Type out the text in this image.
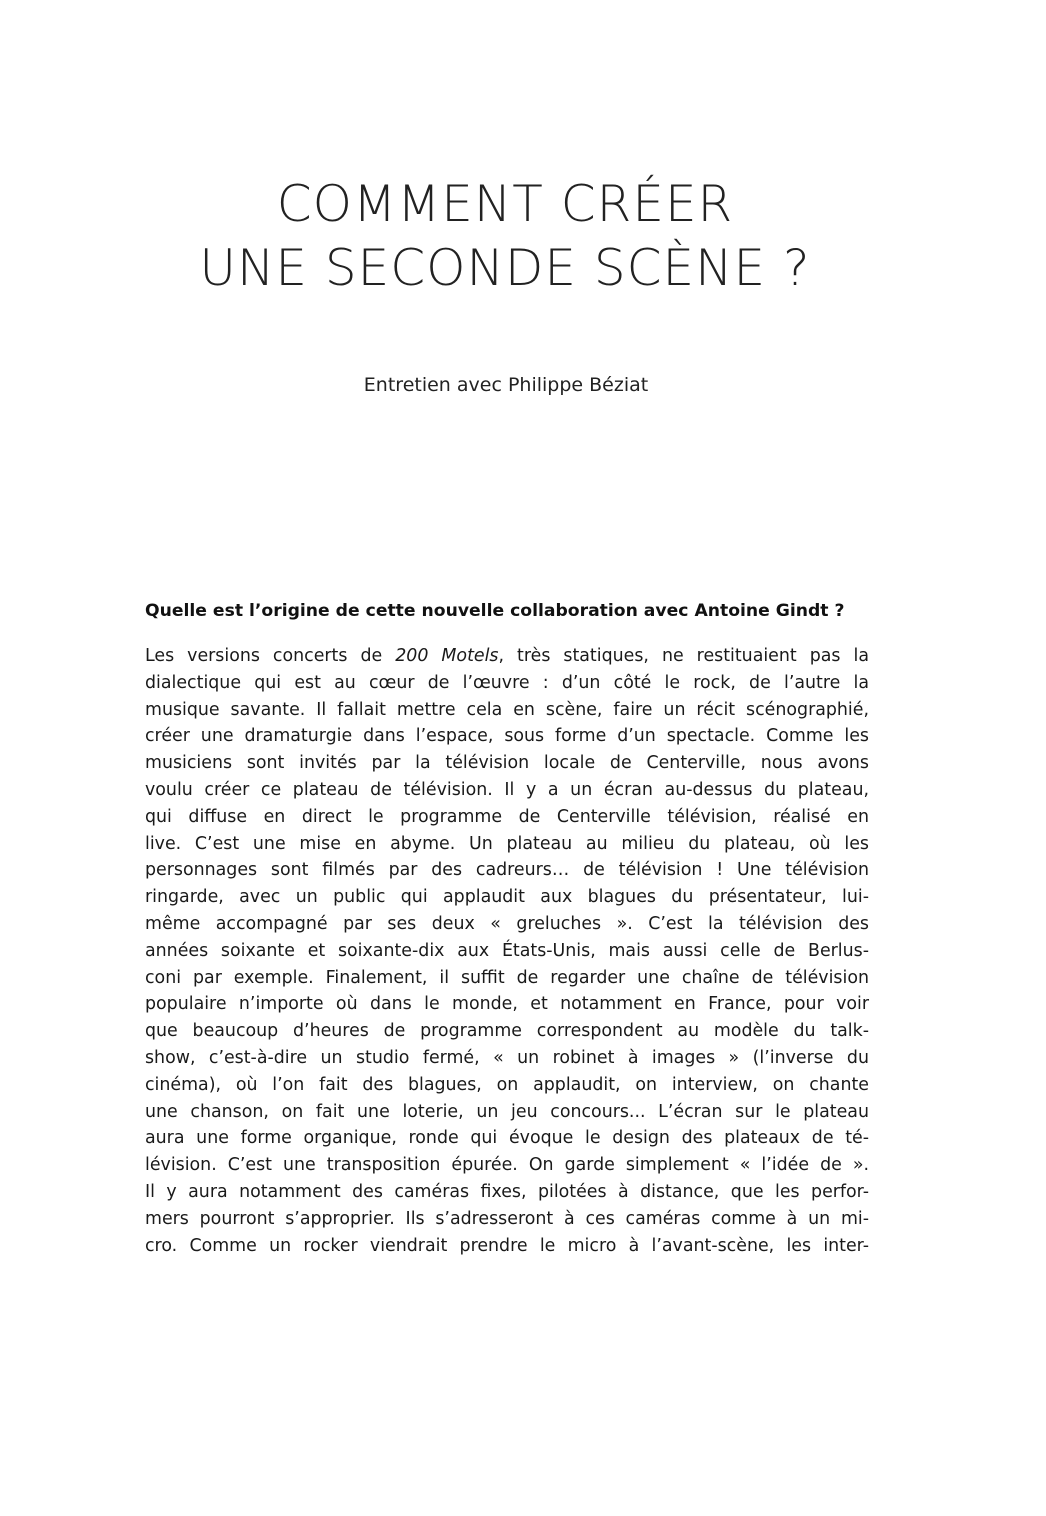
COMMENT CRÉER
UNE SECONDE SCÈNE ?
Entretien avec Philippe Béziat
Quelle est l’origine de cette nouvelle collaboration avec Antoine Gindt ?
Les versions concerts de 200 Motels, très statiques, ne restituaient pas la
dialectique qui est au cœur de l’œuvre : d’un côté le rock, de l’autre la
musique savante. Il fallait mettre cela en scène, faire un récit scénographié,
créer une dramaturgie dans l’espace, sous forme d’un spectacle. Comme les
musiciens sont invités par la télévision locale de Centerville, nous avons
voulu créer ce plateau de télévision. Il y a un écran au-dessus du plateau,
qui diffuse en direct le programme de Centerville télévision, réalisé en
live. C’est une mise en abyme. Un plateau au milieu du plateau, où les
personnages sont filmés par des cadreurs… de télévision ! Une télévision
ringarde, avec un public qui applaudit aux blagues du présentateur, lui-
même accompagné par ses deux « greluches ». C’est la télévision des
années soixante et soixante-dix aux États-Unis, mais aussi celle de Berlus-
coni par exemple. Finalement, il suffit de regarder une chaîne de télévision
populaire n’importe où dans le monde, et notamment en France, pour voir
que beaucoup d’heures de programme correspondent au modèle du talk-
show, c’est-à-dire un studio fermé, « un robinet à images » (l’inverse du
cinéma), où l’on fait des blagues, on applaudit, on interview, on chante
une chanson, on fait une loterie, un jeu concours... L’écran sur le plateau
aura une forme organique, ronde qui évoque le design des plateaux de té-
lévision. C’est une transposition épurée. On garde simplement « l’idée de ».
Il y aura notamment des caméras fixes, pilotées à distance, que les perfor-
mers pourront s’approprier. Ils s’adresseront à ces caméras comme à un mi-
cro. Comme un rocker viendrait prendre le micro à l’avant-scène, les inter-
